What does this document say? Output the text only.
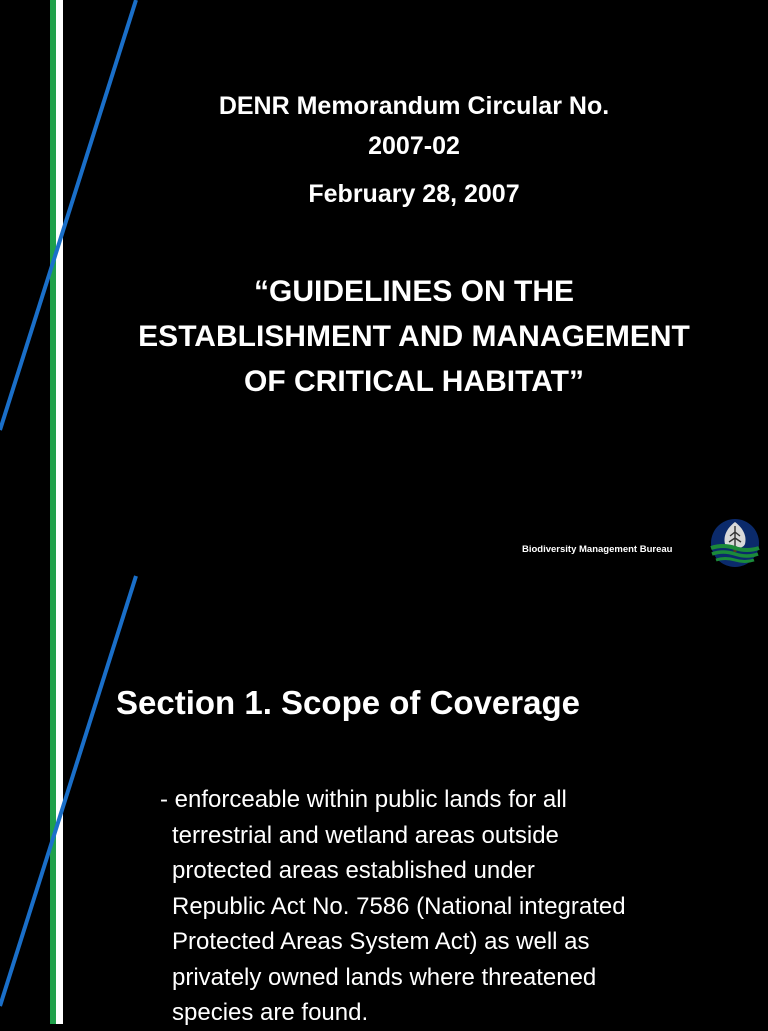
DENR Memorandum Circular No.
2007-02
February 28, 2007
“GUIDELINES ON THE
ESTABLISHMENT AND MANAGEMENT
OF CRITICAL HABITAT”
Biodiversity Management Bureau
Section 1. Scope of Coverage
- enforceable within public lands for all
terrestrial and wetland areas outside
protected areas established under
Republic Act No. 7586 (National integrated
Protected Areas System Act) as well as
privately owned lands where threatened
species are found.
